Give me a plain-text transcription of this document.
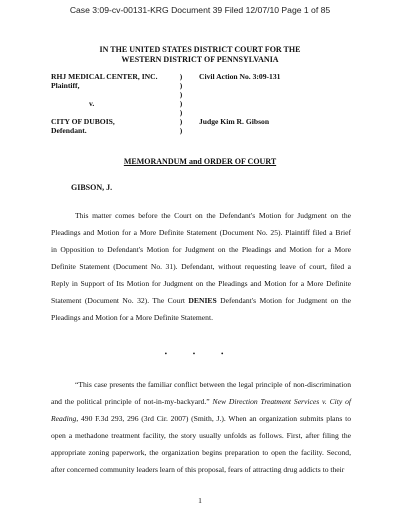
Case 3:09-cv-00131-KRG Document 39 Filed 12/07/10 Page 1 of 85
IN THE UNITED STATES DISTRICT COURT FOR THE
WESTERN DISTRICT OF PENNSYLVANIA
RHJ MEDICAL CENTER, INC.
Plaintiff,
v.
CITY OF DUBOIS,
Defendant.
)
)
)
)
)
)
)
Civil Action No. 3:09-131
Judge Kim R. Gibson
MEMORANDUM and ORDER OF COURT
GIBSON, J.
This matter comes before the Court on the Defendant's Motion for Judgment on the
Pleadings and Motion for a More Definite Statement (Document No. 25). Plaintiff filed a Brief
in Opposition to Defendant's Motion for Judgment on the Pleadings and Motion for a More
Definite Statement (Document No. 31). Defendant, without requesting leave of court, filed a
Reply in Support of Its Motion for Judgment on the Pleadings and Motion for a More Definite
Statement (Document No. 32). The Court DENIES Defendant's Motion for Judgment on the
Pleadings and Motion for a More Definite Statement.
• • •
“This case presents the familiar conflict between the legal principle of non-discrimination
and the political principle of not-in-my-backyard.” New Direction Treatment Services v. City of
Reading, 490 F.3d 293, 296 (3rd Cir. 2007) (Smith, J.). When an organization submits plans to
open a methadone treatment facility, the story usually unfolds as follows. First, after filing the
appropriate zoning paperwork, the organization begins preparation to open the facility. Second,
after concerned community leaders learn of this proposal, fears of attracting drug addicts to their
1
